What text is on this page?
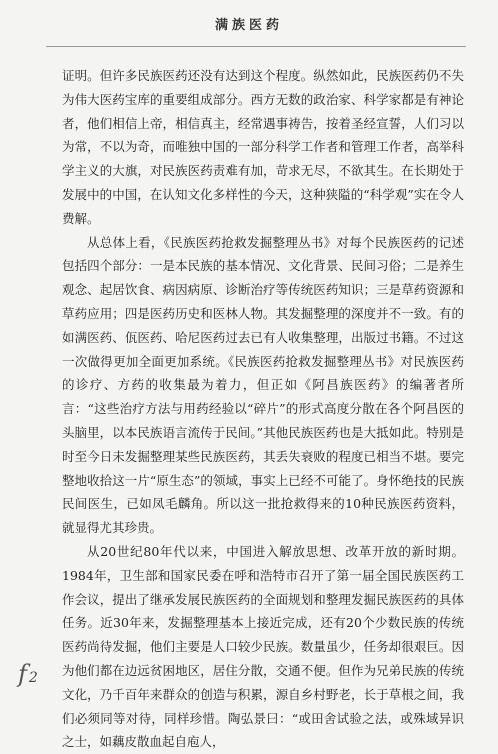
满族医药

证明。但许多民族医药还没有达到这个程度。纵然如此，民族医药仍不失为伟大医药宝库的重要组成部分。西方无数的政治家、科学家都是有神论者，他们相信上帝，相信真主，经常遇事祷告，按着圣经宣誓，人们习以为常，不以为奇，而唯独中国的一部分科学工作者和管理工作者，高举科学主义的大旗，对民族医药责难有加，苛求无尽，不欲其生。在长期处于发展中的中国，在认知文化多样性的今天，这种狭隘的“科学观”实在令人费解。

从总体上看，《民族医药抢救发掘整理丛书》对每个民族医药的记述包括四个部分：一是本民族的基本情况、文化背景、民间习俗；二是养生观念、起居饮食、病因病原、诊断治疗等传统医药知识；三是草药资源和草药应用；四是医药历史和医林人物。其发掘整理的深度并不一致。有的如满医药、佤医药、哈尼医药过去已有人收集整理，出版过书籍。不过这一次做得更加全面更加系统。《民族医药抢救发掘整理丛书》对民族医药的诊疗、方药的收集最为着力，但正如《阿昌族医药》的编著者所言：“这些治疗方法与用药经验以“碎片”的形式高度分散在各个阿昌医的头脑里，以本民族语言流传于民间。”其他民族医药也是大抵如此。特别是时至今日未发掘整理某些民族医药，其丢失衰败的程度已相当不堪。要完整地收拾这一片“原生态”的领域，事实上已经不可能了。身怀绝技的民族民间医生，已如凤毛麟角。所以这一批抢救得来的10种民族医药资料，就显得尤其珍贵。

从20世纪80年代以来，中国进入解放思想、改革开放的新时期。1984年，卫生部和国家民委在呼和浩特市召开了第一届全国民族医药工作会议，提出了继承发展民族医药的全面规划和整理发掘民族医药的具体任务。近30年来，发掘整理基本上接近完成，还有20个少数民族的传统医药尚待发掘，他们主要是人口较少民族。数量虽少，任务却很艰巨。因为他们都在边远贫困地区，居住分散，交通不便。但作为兄弟民族的传统文化，乃千百年来群众的创造与积累，源自乡村野老，长于草根之间，我们必须同等对待，同样珍惜。陶弘景曰：“或田舍试验之法，或殊域异识之士，如藕皮散血起自庖人，

f 2
